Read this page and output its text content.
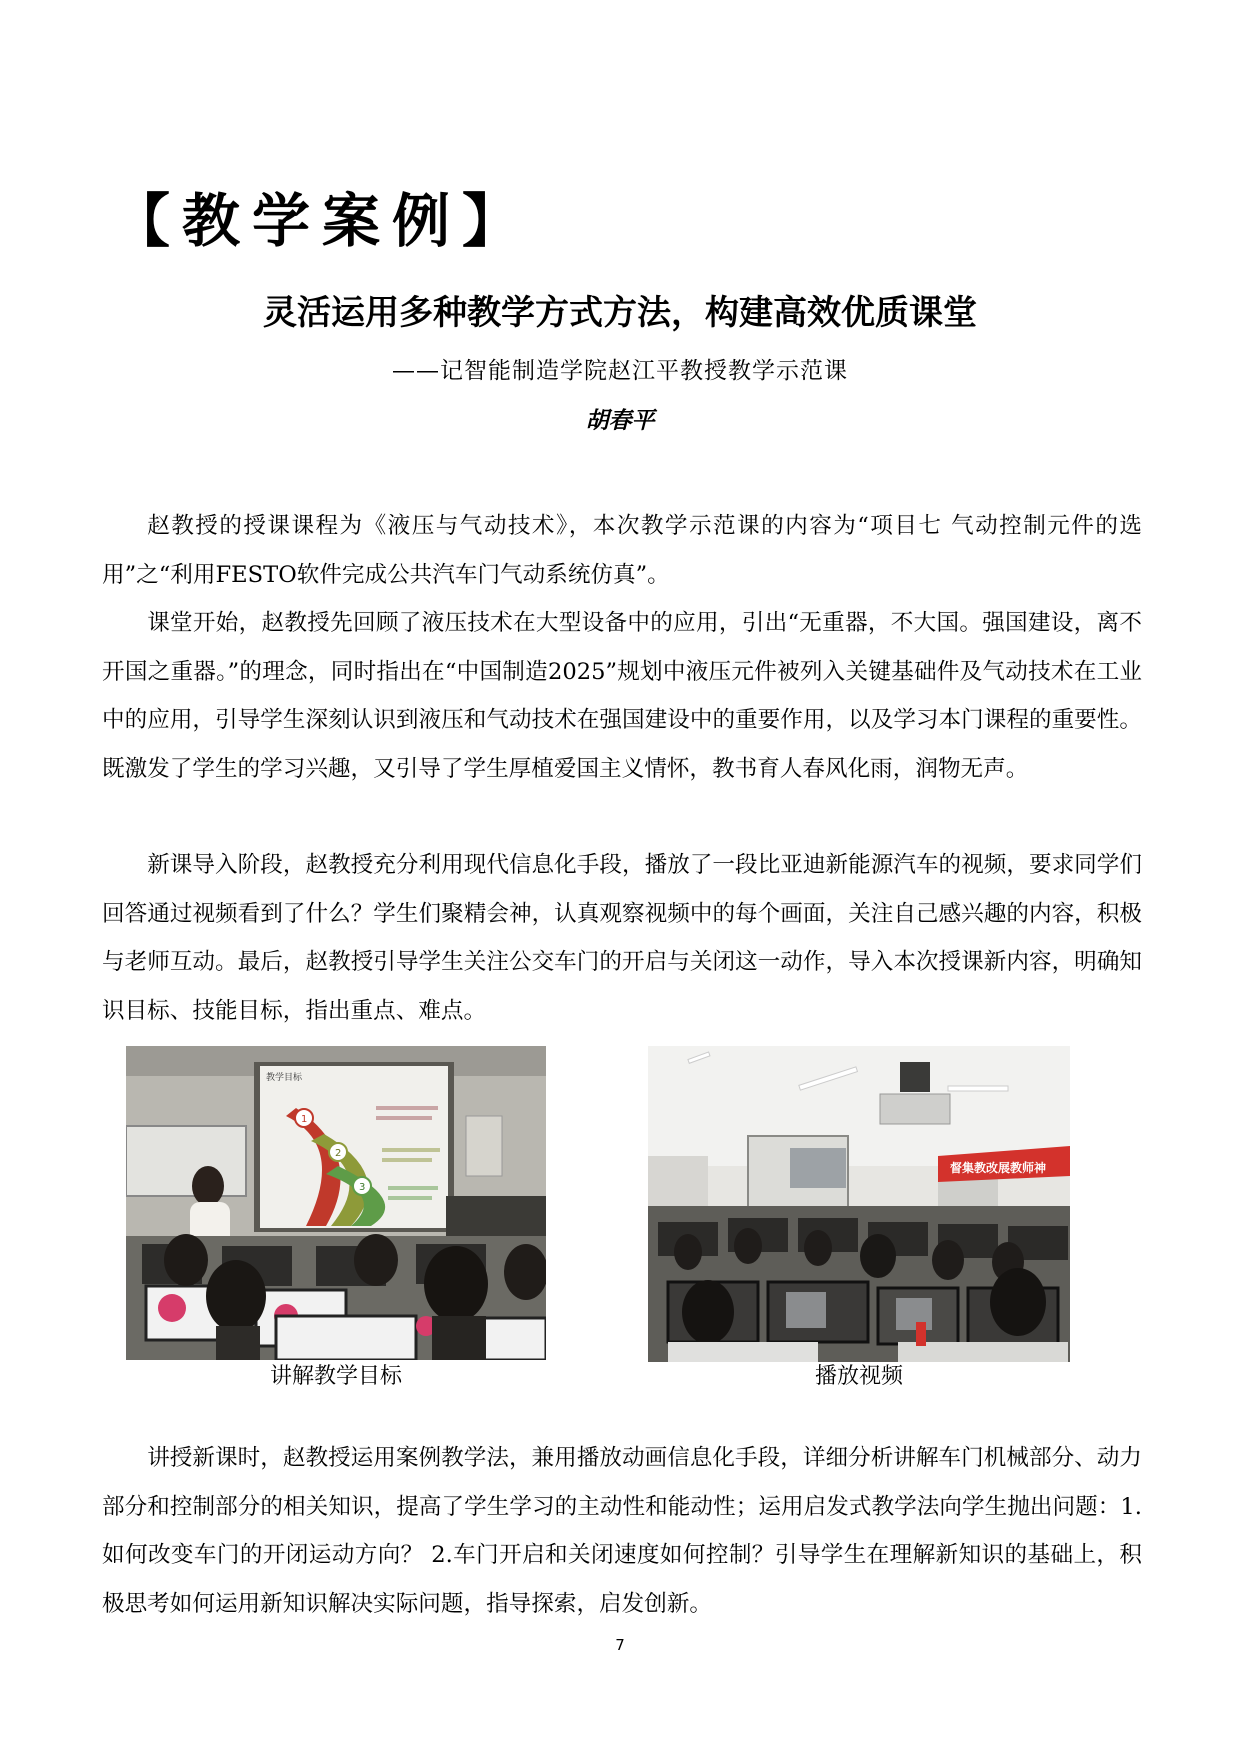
【教学案例】
灵活运用多种教学方式方法，构建高效优质课堂
——记智能制造学院赵江平教授教学示范课
胡春平

赵教授的授课课程为《液压与气动技术》，本次教学示范课的内容为“项目七 气动控制元件的选用”之“利用FESTO软件完成公共汽车门气动系统仿真”。

课堂开始，赵教授先回顾了液压技术在大型设备中的应用，引出“无重器，不大国。强国建设，离不开国之重器。”的理念，同时指出在“中国制造2025”规划中液压元件被列入关键基础件及气动技术在工业中的应用，引导学生深刻认识到液压和气动技术在强国建设中的重要作用，以及学习本门课程的重要性。既激发了学生的学习兴趣，又引导了学生厚植爱国主义情怀，教书育人春风化雨，润物无声。

新课导入阶段，赵教授充分利用现代信息化手段，播放了一段比亚迪新能源汽车的视频，要求同学们回答通过视频看到了什么？学生们聚精会神，认真观察视频中的每个画面，关注自己感兴趣的内容，积极与老师互动。最后，赵教授引导学生关注公交车门的开启与关闭这一动作，导入本次授课新内容，明确知识目标、技能目标，指出重点、难点。

教学目标
1
2
3
讲解教学目标
督集教改展教师神
播放视频

讲授新课时，赵教授运用案例教学法，兼用播放动画信息化手段，详细分析讲解车门机械部分、动力部分和控制部分的相关知识，提高了学生学习的主动性和能动性；运用启发式教学法向学生抛出问题：1.如何改变车门的开闭运动方向？ 2.车门开启和关闭速度如何控制？引导学生在理解新知识的基础上，积极思考如何运用新知识解决实际问题，指导探索，启发创新。

7
